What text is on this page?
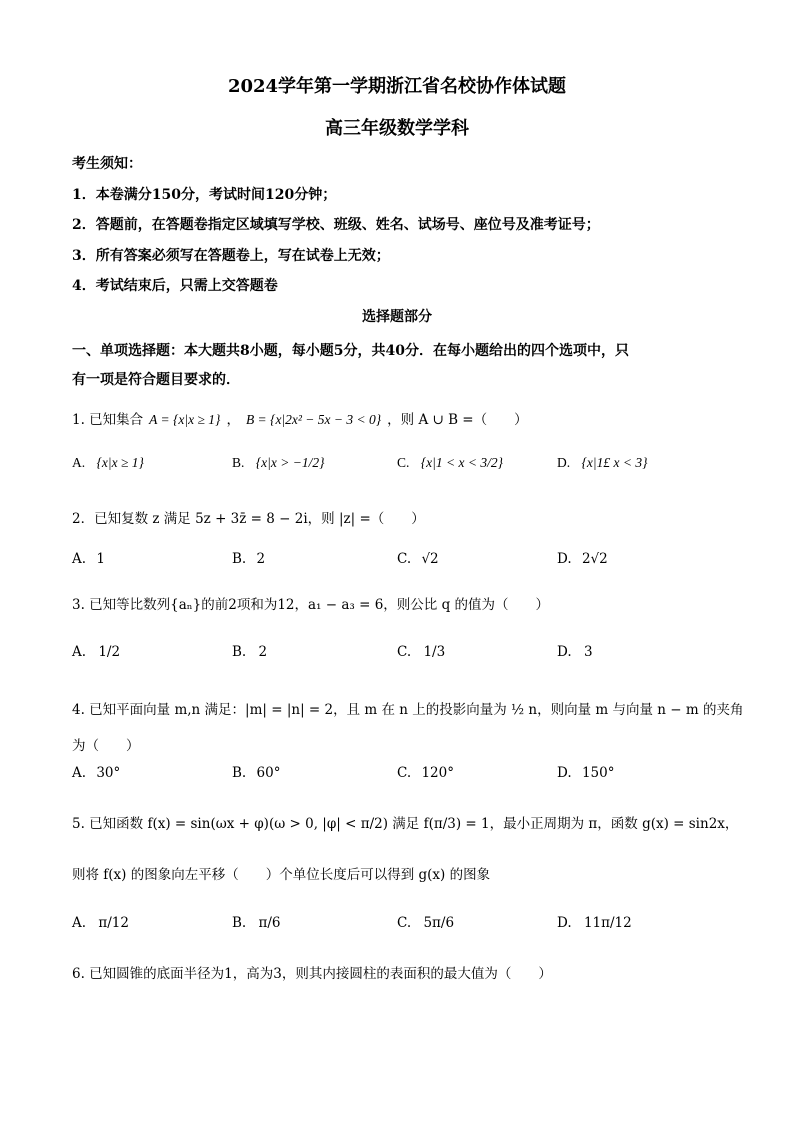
2024学年第一学期浙江省名校协作体试题
高三年级数学学科
考生须知：
1．本卷满分150分，考试时间120分钟；
2．答题前，在答题卷指定区域填写学校、班级、姓名、试场号、座位号及准考证号；
3．所有答案必须写在答题卷上，写在试卷上无效；
4．考试结束后，只需上交答题卷
选择题部分
一、单项选择题：本大题共8小题，每小题5分，共40分．在每小题给出的四个选项中，只
有一项是符合题目要求的．
1. 已知集合 A = {x|x ≥ 1} ， B = {x|2x² − 5x − 3 < 0} ，则 A ∪ B =（　　）
A. {x|x ≥ 1}	B. {x|x > −1/2}	C. {x|1 < x < 3/2}	D. {x|1£ x < 3}
2．已知复数 z 满足 5z + 3z̄ = 8 − 2i，则 |z| =（　　）
A. 1	B. 2	C. √2	D. 2√2
3. 已知等比数列{aₙ}的前2项和为12，a₁ − a₃ = 6，则公比 q 的值为（　　）
A. 1/2	B. 2	C. 1/3	D. 3
4. 已知平面向量 m,n 满足：|m| = |n| = 2，且 m 在 n 上的投影向量为 ½ n，则向量 m 与向量 n − m 的夹角
为（　　）
A. 30°	B. 60°	C. 120°	D. 150°
5. 已知函数 f(x) = sin(ωx + φ)(ω > 0, |φ| < π/2) 满足 f(π/3) = 1，最小正周期为 π，函数 g(x) = sin2x，
则将 f(x) 的图象向左平移（　　）个单位长度后可以得到 g(x) 的图象
A. π/12	B. π/6	C. 5π/6	D. 11π/12
6. 已知圆锥的底面半径为1，高为3，则其内接圆柱的表面积的最大值为（　　）
